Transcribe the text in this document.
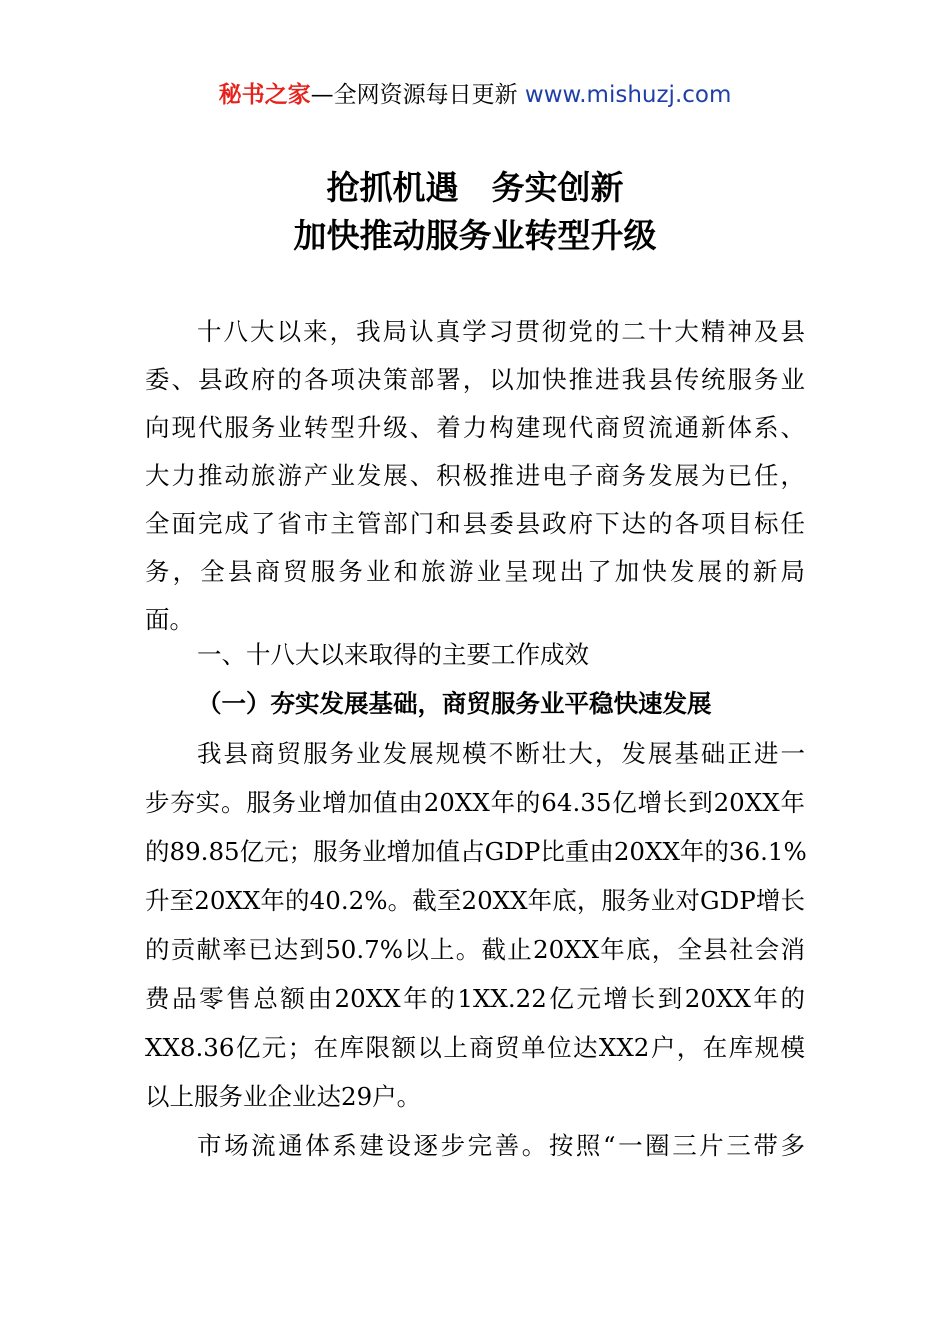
秘书之家—全网资源每日更新 www.mishuzj.com
抢抓机遇　务实创新
加快推动服务业转型升级
十八大以来，我局认真学习贯彻党的二十大精神及县
委、县政府的各项决策部署，以加快推进我县传统服务业
向现代服务业转型升级、着力构建现代商贸流通新体系、
大力推动旅游产业发展、积极推进电子商务发展为已任，
全面完成了省市主管部门和县委县政府下达的各项目标任
务，全县商贸服务业和旅游业呈现出了加快发展的新局
面。
一、十八大以来取得的主要工作成效
（一）夯实发展基础，商贸服务业平稳快速发展
我县商贸服务业发展规模不断壮大，发展基础正进一
步夯实。服务业增加值由20XX年的64.35亿增长到20XX年
的89.85亿元；服务业增加值占GDP比重由20XX年的36.1%
升至20XX年的40.2%。截至20XX年底，服务业对GDP增长
的贡献率已达到50.7%以上。截止20XX年底，全县社会消
费品零售总额由20XX年的1XX.22亿元增长到20XX年的
XX8.36亿元；在库限额以上商贸单位达XX2户，在库规模
以上服务业企业达29户。
市场流通体系建设逐步完善。按照“一圈三片三带多
